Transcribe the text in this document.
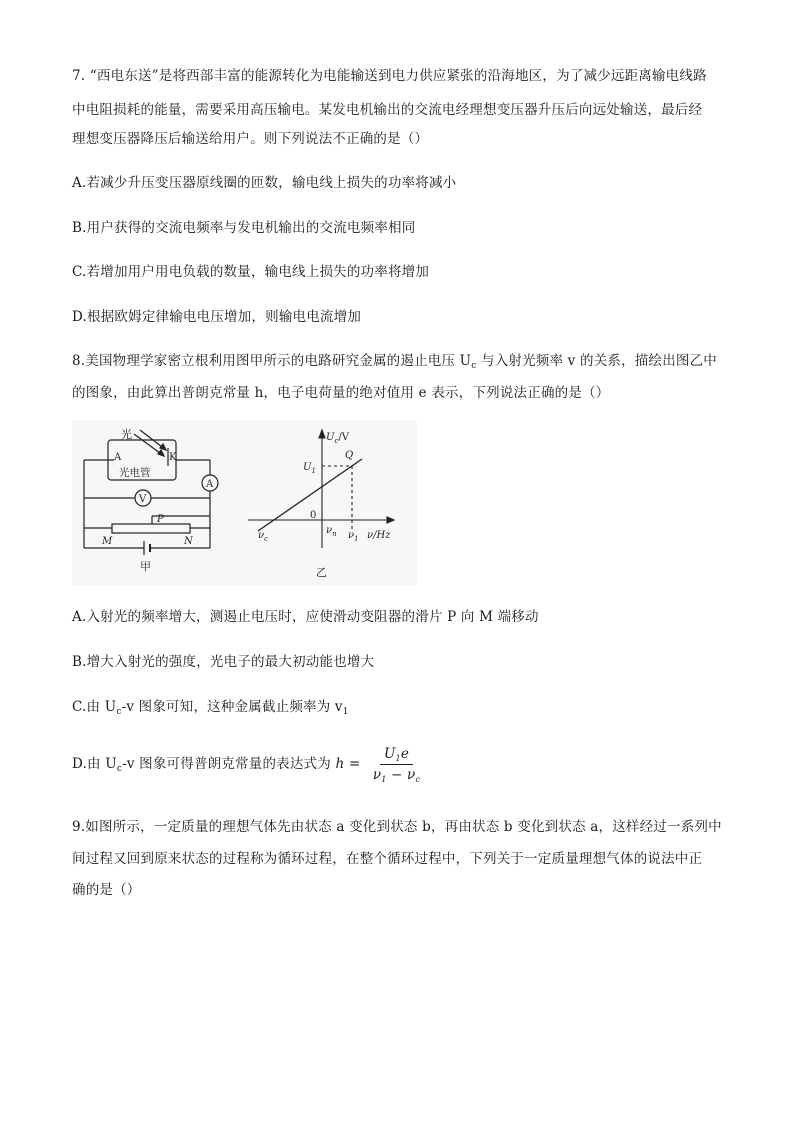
7. “西电东送”是将西部丰富的能源转化为电能输送到电力供应紧张的沿海地区，为了减少远距离输电线路
中电阻损耗的能量，需要采用高压输电。某发电机输出的交流电经理想变压器升压后向远处输送，最后经
理想变压器降压后输送给用户。则下列说法不正确的是（）
A.若减少升压变压器原线圈的匝数，输电线上损失的功率将减小
B.用户获得的交流电频率与发电机输出的交流电频率相同
C.若增加用户用电负载的数量，输电线上损失的功率将增加
D.根据欧姆定律输电电压增加，则输电电流增加
8.美国物理学家密立根利用图甲所示的电路研究金属的遏止电压 $U_c$ 与入射光频率 v 的关系，描绘出图乙中
的图象，由此算出普朗克常量 h，电子电荷量的绝对值用 e 表示，下列说法正确的是（）
光
A	K
光电管
A
V
P
M	N
甲
$U_c/V$
$U_1$
Q
0
$\nu_c$
$\nu_n$ $\nu_1$ ν/Hz
乙
A.入射光的频率增大，测遏止电压时，应使滑动变阻器的滑片 P 向 M 端移动
B.增大入射光的强度，光电子的最大初动能也增大
C.由 $U_c-v$ 图象可知，这种金属截止频率为 $v_1$
D.由 $U_c-v$ 图象可得普朗克常量的表达式为 $h = \frac{U_1e}{\nu_1 - \nu_c}$
9.如图所示，一定质量的理想气体先由状态 a 变化到状态 b，再由状态 b 变化到状态 a，这样经过一系列中
间过程又回到原来状态的过程称为循环过程，在整个循环过程中，下列关于一定质量理想气体的说法中正
确的是（）
